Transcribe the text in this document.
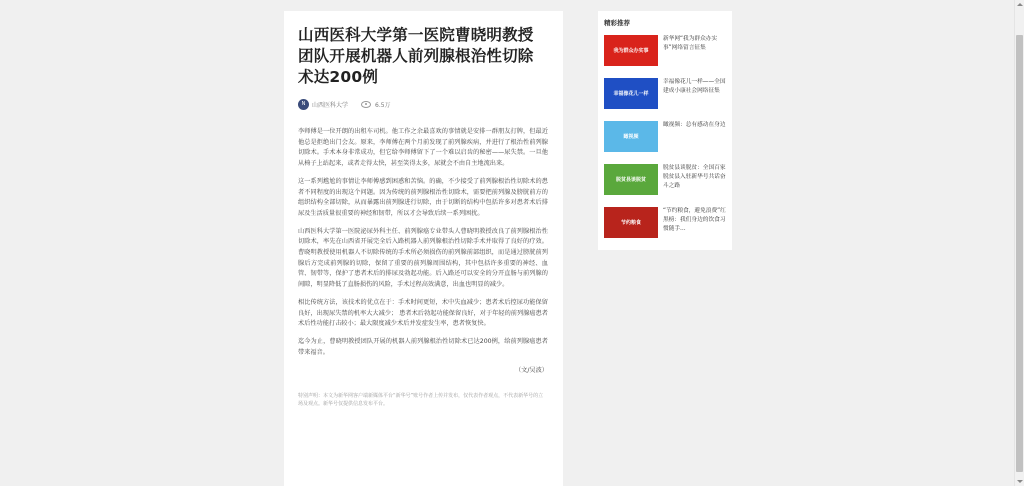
山西医科大学第一医院曹晓明教授团队开展机器人前列腺根治性切除术达200例
N	山西医科大学	6.5万

李师傅是一位开朗的出租车司机。他工作之余最喜欢的事情就是安排一群朋友打牌，但最近他总是拒绝出门会友。原来，李师傅在两个月前发现了前列腺疾病，并进行了根治性前列腺切除术。手术本身非常成功，但它给李师傅留下了一个难以启齿的秘密——尿失禁。一旦他从椅子上站起来，或者走得太快，甚至笑得太多，尿就会不由自主地流出来。

这一系列尴尬的事情让李师傅感到困惑和苦恼。的确，不少接受了前列腺根治性切除术的患者不同程度的出现这个问题。因为传统的前列腺根治性切除术，需要把前列腺及膀胱前方的组织结构全部切除，从而暴露出前列腺进行切除，由于切断的结构中包括许多对患者术后排尿及生活质量很重要的神经和韧带，所以才会导致后续一系列困扰。

山西医科大学第一医院泌尿外科主任、前列腺癌专业带头人曹晓明教授改良了前列腺根治性切除术，率先在山西省开展完全后入路机器人前列腺根治性切除手术并取得了良好的疗效。曹晓明教授使用机器人不切除传统的手术所必须损伤的前列腺前部组织，而是通过膀胱前列腺后方完成前列腺的切除，保留了重要的前列腺周围结构，其中包括许多重要的神经、血管、韧带等，保护了患者术后的排尿及勃起功能。后入路还可以安全的分开直肠与前列腺的间隙，明显降低了直肠损伤的风险，手术过程高效满意，出血也明显的减少。

相比传统方法，该技术的优点在于：手术时间更短，术中失血减少；患者术后控尿功能保留良好，出现尿失禁的机率大大减少； 患者术后勃起功能保留良好，对于年轻的前列腺癌患者术后性功能打击较小；最大限度减少术后并发症发生率，患者恢复快。

迄今为止，曹晓明教授团队开展的机器人前列腺根治性切除术已达200例，给前列腺癌患者带来福音。

（文/吴波）

特别声明：本文为新华网客户端新媒体平台“新华号”账号作者上传并发布，仅代表作者观点，不代表新华号的立场及观点。新华号仅提供信息发布平台。

精彩推荐
我为群众办实事
新华网“我为群众办实事”网络留言征集
幸福像花儿一样
幸福像花儿一样——全国建成小康社会网络征集
瞰视频
瞰视频：总有感动在身边
脱贫县谈脱贫
脱贫县谈脱贫：全国百家脱贫县入驻新华号共话奋斗之路
节约粮食
“节约粮食，避免浪费”红黑榜：我们身边的饮食习惯随手…
